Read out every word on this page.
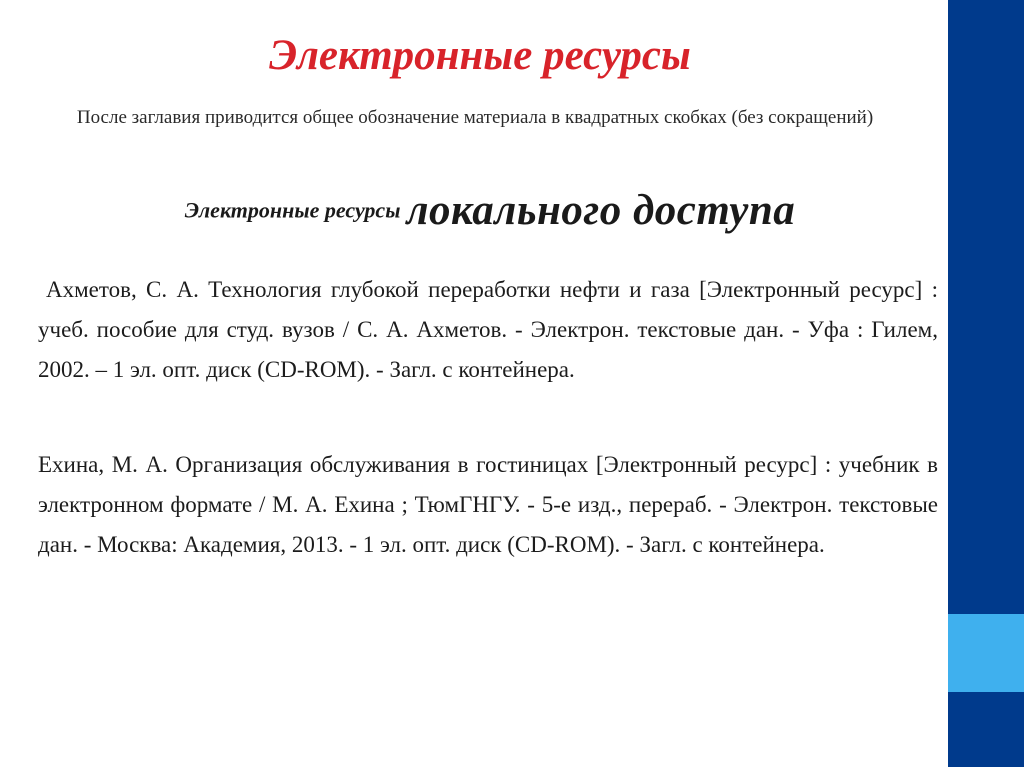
Электронные ресурсы

После заглавия приводится общее обозначение материала в квадратных скобках (без сокращений)

Электронные ресурсы локального доступа

Ахметов, С. А. Технология глубокой переработки нефти и газа [Электронный ресурс] : учеб. пособие для студ. вузов / С. А. Ахметов. - Электрон. текстовые дан. - Уфа : Гилем, 2002. – 1 эл. опт. диск (CD-ROM). - Загл. с контейнера.

Ехина, М. А. Организация обслуживания в гостиницах [Электронный ресурс] : учебник в электронном формате / М. А. Ехина ; ТюмГНГУ. - 5-е изд., перераб. - Электрон. текстовые дан. - Москва: Академия, 2013. - 1 эл. опт. диск (CD-ROM). - Загл. с контейнера.
